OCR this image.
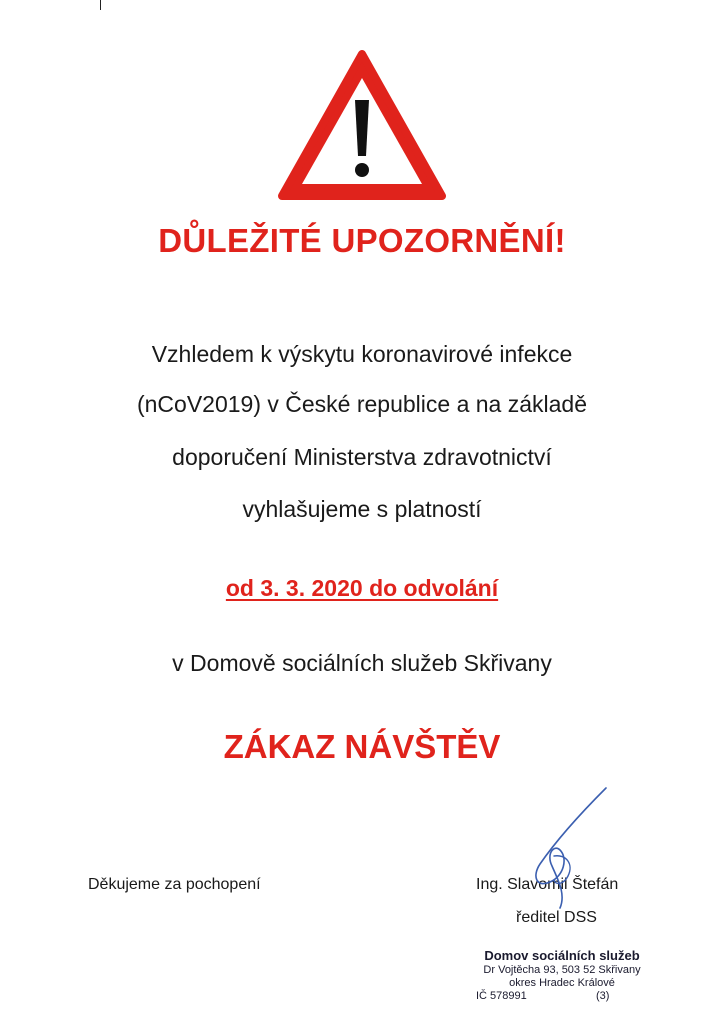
DŮLEŽITÉ UPOZORNĚNÍ!
Vzhledem k výskytu koronavirové infekce
(nCoV2019) v České republice a na základě
doporučení Ministerstva zdravotnictví
vyhlašujeme s platností
od 3. 3. 2020 do odvolání
v Domově sociálních služeb Skřivany
ZÁKAZ NÁVŠTĚV
Děkujeme za pochopení	Ing. Slavomil Štefán
ředitel DSS
Domov sociálních služeb
Dr Vojtěcha 93, 503 52 Skřivany
okres Hradec Králové
IČ 578991	(3)
